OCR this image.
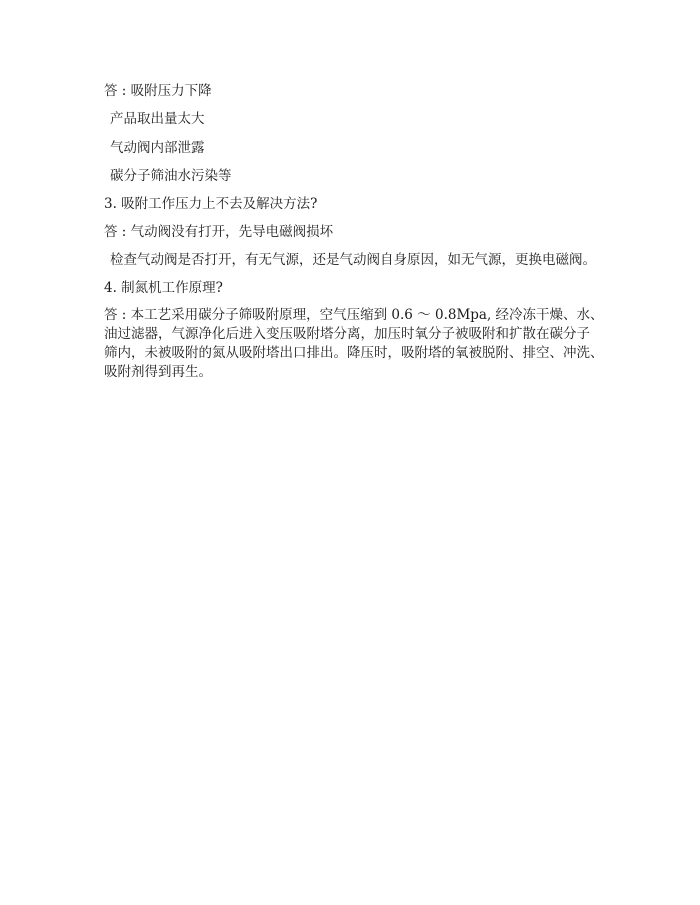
答 : 吸附压力下降
产品取出量太大
气动阀内部泄露
碳分子筛油水污染等
3. 吸附工作压力上不去及解决方法?
答 : 气动阀没有打开，先导电磁阀损坏
检查气动阀是否打开，有无气源，还是气动阀自身原因，如无气源，更换电磁阀。
4. 制氮机工作原理?
答 : 本工艺采用碳分子筛吸附原理，空气压缩到 0.6 ～ 0.8Mpa, 经冷冻干燥、水、
油过滤器，气源净化后进入变压吸附塔分离，加压时氧分子被吸附和扩散在碳分子
筛内，未被吸附的氮从吸附塔出口排出。降压时，吸附塔的氧被脱附、排空、冲洗、
吸附剂得到再生。
